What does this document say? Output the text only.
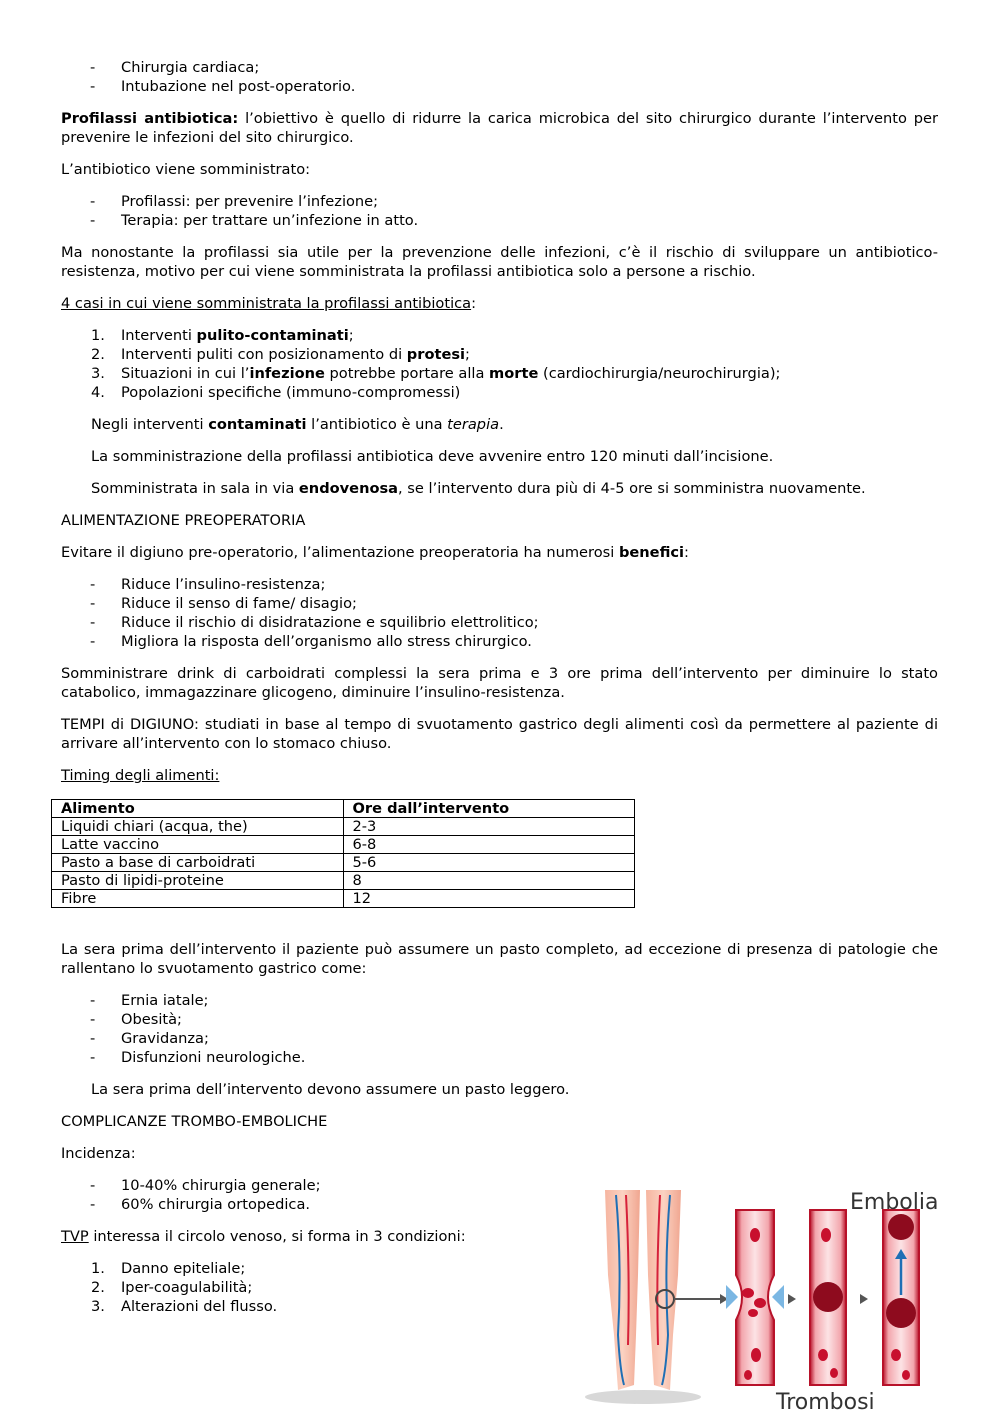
- Chirurgia cardiaca;
- Intubazione nel post-operatorio.

Profilassi antibiotica: l’obiettivo è quello di ridurre la carica microbica del sito chirurgico durante l’intervento per prevenire le infezioni del sito chirurgico.

L’antibiotico viene somministrato:

- Profilassi: per prevenire l’infezione;
- Terapia: per trattare un’infezione in atto.

Ma nonostante la profilassi sia utile per la prevenzione delle infezioni, c’è il rischio di sviluppare un antibiotico-resistenza, motivo per cui viene somministrata la profilassi antibiotica solo a persone a rischio.

4 casi in cui viene somministrata la profilassi antibiotica:

1. Interventi pulito-contaminati;
2. Interventi puliti con posizionamento di protesi;
3. Situazioni in cui l’infezione potrebbe portare alla morte (cardiochirurgia/neurochirurgia);
4. Popolazioni specifiche (immuno-compromessi)

Negli interventi contaminati l’antibiotico è una terapia.

La somministrazione della profilassi antibiotica deve avvenire entro 120 minuti dall’incisione.

Somministrata in sala in via endovenosa, se l’intervento dura più di 4-5 ore si somministra nuovamente.

ALIMENTAZIONE PREOPERATORIA

Evitare il digiuno pre-operatorio, l’alimentazione preoperatoria ha numerosi benefici:

- Riduce l’insulino-resistenza;
- Riduce il senso di fame/ disagio;
- Riduce il rischio di disidratazione e squilibrio elettrolitico;
- Migliora la risposta dell’organismo allo stress chirurgico.

Somministrare drink di carboidrati complessi la sera prima e 3 ore prima dell’intervento per diminuire lo stato catabolico, immagazzinare glicogeno, diminuire l’insulino-resistenza.

TEMPI di DIGIUNO: studiati in base al tempo di svuotamento gastrico degli alimenti così da permettere al paziente di arrivare all’intervento con lo stomaco chiuso.

Timing degli alimenti:

Alimento	Ore dall’intervento
Liquidi chiari (acqua, the)	2-3
Latte vaccino	6-8
Pasto a base di carboidrati	5-6
Pasto di lipidi-proteine	8
Fibre	12

La sera prima dell’intervento il paziente può assumere un pasto completo, ad eccezione di presenza di patologie che rallentano lo svuotamento gastrico come:

- Ernia iatale;
- Obesità;
- Gravidanza;
- Disfunzioni neurologiche.

La sera prima dell’intervento devono assumere un pasto leggero.

COMPLICANZE TROMBO-EMBOLICHE

Incidenza:

- 10-40% chirurgia generale;
- 60% chirurgia ortopedica.

TVP interessa il circolo venoso, si forma in 3 condizioni:

1. Danno epiteliale;
2. Iper-coagulabilità;
3. Alterazioni del flusso.
Embolia
Trombosi
